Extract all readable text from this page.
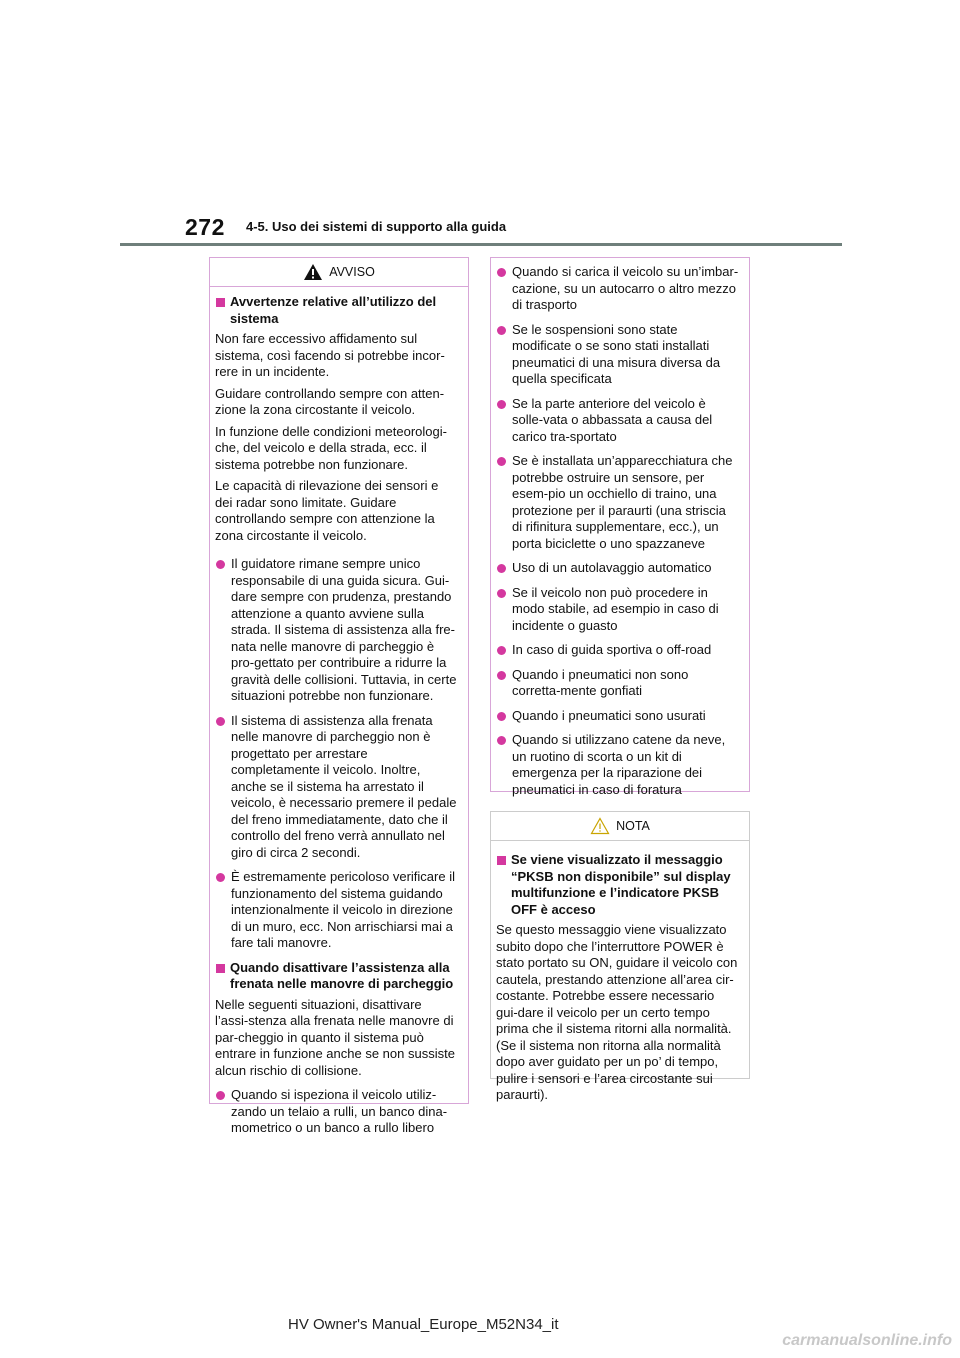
272 4-5. Uso dei sistemi di supporto alla guida
AVVISO
Avvertenze relative all’utilizzo del sistema

Non fare eccessivo affidamento sul sistema, così facendo si potrebbe incor-rere in un incidente.

Guidare controllando sempre con atten-zione la zona circostante il veicolo.

In funzione delle condizioni meteorologi-che, del veicolo e della strada, ecc. il sistema potrebbe non funzionare.

Le capacità di rilevazione dei sensori e dei radar sono limitate. Guidare controllando sempre con attenzione la zona circostante il veicolo.

Il guidatore rimane sempre unico responsabile di una guida sicura. Gui-dare sempre con prudenza, prestando attenzione a quanto avviene sulla strada. Il sistema di assistenza alla fre-nata nelle manovre di parcheggio è pro-gettato per contribuire a ridurre la gravità delle collisioni. Tuttavia, in certe situazioni potrebbe non funzionare.
Il sistema di assistenza alla frenata nelle manovre di parcheggio non è progettato per arrestare completamente il veicolo. Inoltre, anche se il sistema ha arrestato il veicolo, è necessario premere il pedale del freno immediatamente, dato che il controllo del freno verrà annullato nel giro di circa 2 secondi.
È estremamente pericoloso verificare il funzionamento del sistema guidando intenzionalmente il veicolo in direzione di un muro, ecc. Non arrischiarsi mai a fare tali manovre.
Quando disattivare l’assistenza alla frenata nelle manovre di parcheggio

Nelle seguenti situazioni, disattivare l’assi-stenza alla frenata nelle manovre di par-cheggio in quanto il sistema può entrare in funzione anche se non sussiste alcun rischio di collisione.

Quando si ispeziona il veicolo utiliz-zando un telaio a rulli, un banco dina-mometrico o un banco a rullo libero
Quando si carica il veicolo su un’imbar-cazione, su un autocarro o altro mezzo di trasporto
Se le sospensioni sono state modificate o se sono stati installati pneumatici di una misura diversa da quella specificata
Se la parte anteriore del veicolo è solle-vata o abbassata a causa del carico tra-sportato
Se è installata un’apparecchiatura che potrebbe ostruire un sensore, per esem-pio un occhiello di traino, una protezione per il paraurti (una striscia di rifinitura supplementare, ecc.), un porta biciclette o uno spazzaneve
Uso di un autolavaggio automatico
Se il veicolo non può procedere in modo stabile, ad esempio in caso di incidente o guasto
In caso di guida sportiva o off-road
Quando i pneumatici non sono corretta-mente gonfiati
Quando i pneumatici sono usurati
Quando si utilizzano catene da neve, un ruotino di scorta o un kit di emergenza per la riparazione dei pneumatici in caso di foratura
NOTA
Se viene visualizzato il messaggio “PKSB non disponibile” sul display multifunzione e l’indicatore PKSB OFF è acceso

Se questo messaggio viene visualizzato subito dopo che l’interruttore POWER è stato portato su ON, guidare il veicolo con cautela, prestando attenzione all’area cir-costante. Potrebbe essere necessario gui-dare il veicolo per un certo tempo prima che il sistema ritorni alla normalità. (Se il sistema non ritorna alla normalità dopo aver guidato per un po’ di tempo, pulire i sensori e l’area circostante sui paraurti).

HV Owner's Manual_Europe_M52N34_it
carmanualsonline.info
